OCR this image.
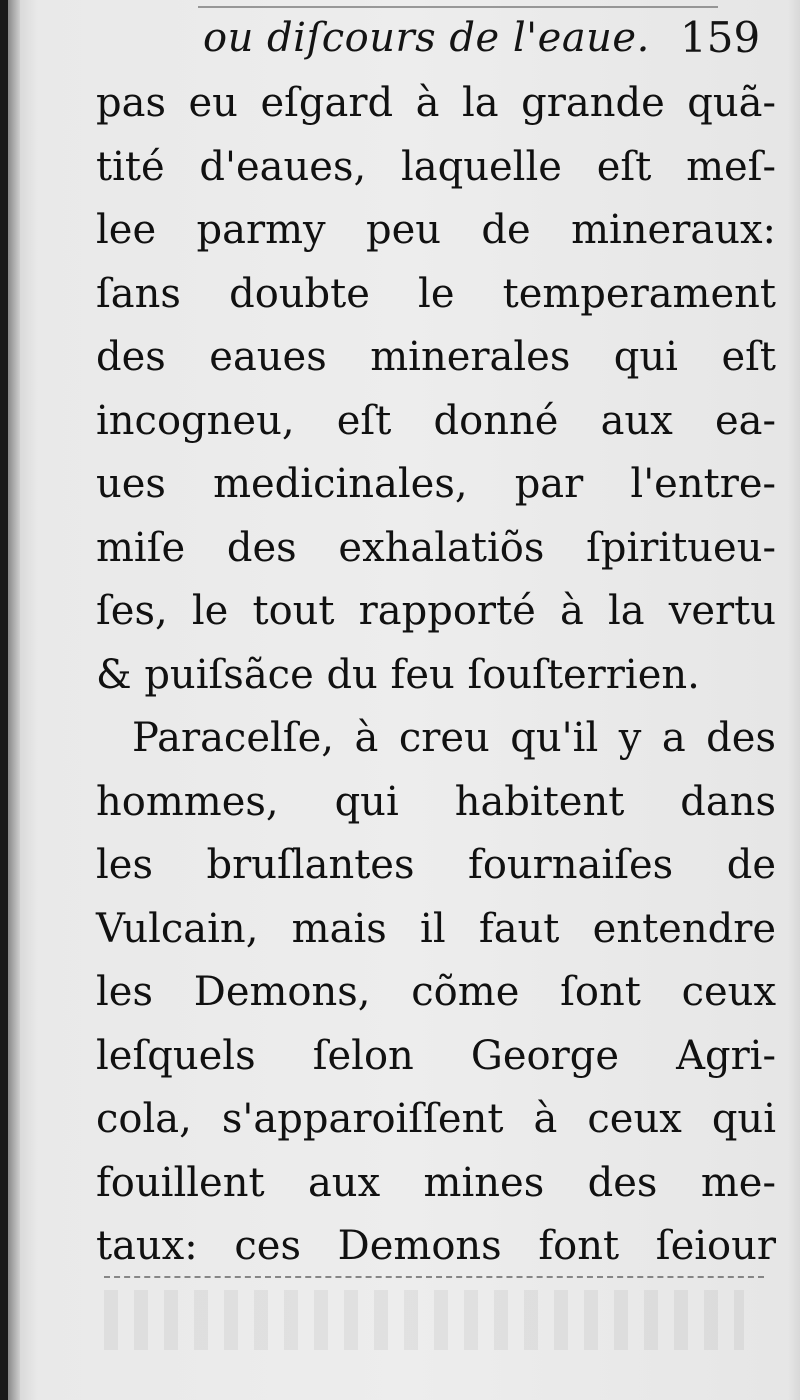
ou diſcours de l'eaue. 159
pas eu eſgard à la grande quã-
tité d'eaues, laquelle eſt meſ-
lee parmy peu de mineraux:
ſans doubte le temperament
des eaues minerales qui eſt
incogneu, eſt donné aux ea-
ues medicinales, par l'entre-
miſe des exhalatiõs ſpiritueu-
ſes, le tout rapporté à la vertu
& puiſsãce du feu ſouſterrien.
Paracelſe, à creu qu'il y a des
hommes, qui habitent dans
les bruſlantes fournaiſes de
Vulcain, mais il faut entendre
les Demons, cõme ſont ceux
leſquels ſelon George Agri-
cola, s'apparoiſſent à ceux qui
fouillent aux mines des me-
taux: ces Demons font ſeiour
